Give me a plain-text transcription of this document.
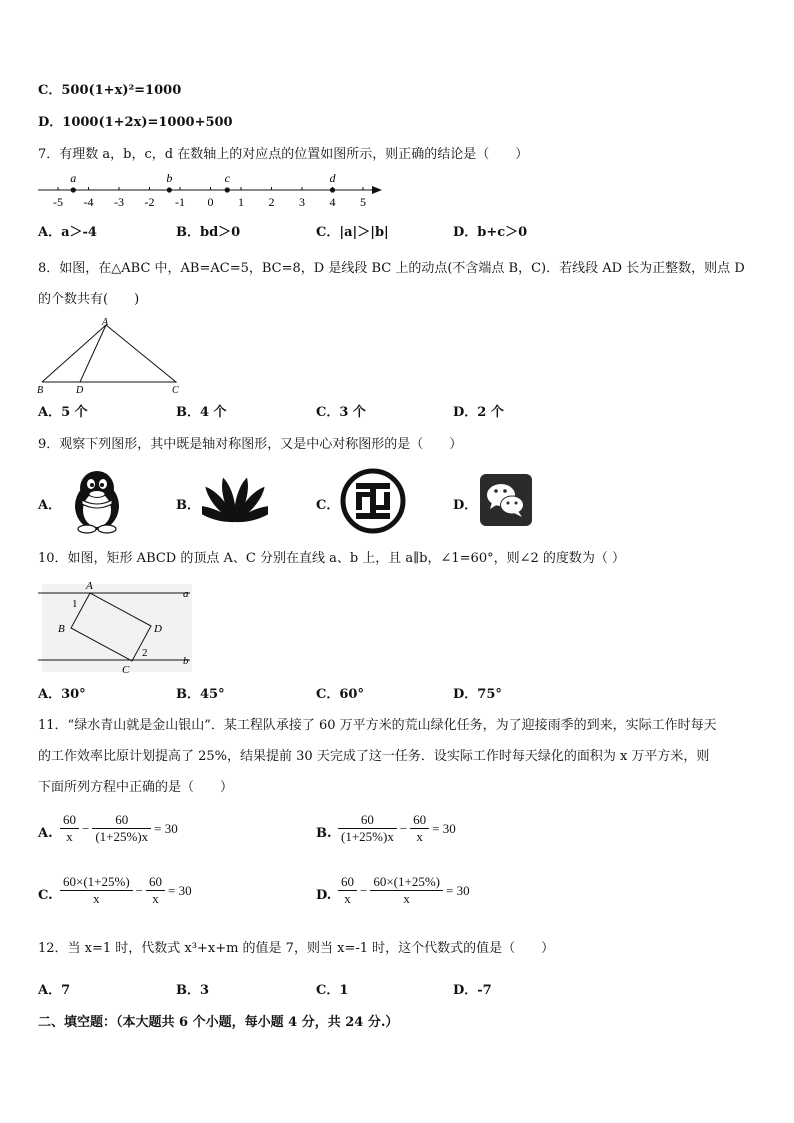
C．500(1+x)²=1000
D．1000(1+2x)=1000+500
7．有理数 a，b，c，d 在数轴上的对应点的位置如图所示，则正确的结论是（　　）
-5 -4 -3 -2 -1 0 1 2 3 4 5
a	b	c	d
A．a＞-4	B．bd＞0	C．|a|＞|b|	D．b+c＞0
8．如图，在△ABC 中，AB=AC=5，BC=8，D 是线段 BC 上的动点(不含端点 B，C)．若线段 AD 长为正整数，则点 D
的个数共有(　　)
A
B	D	C
A．5 个	B．4 个	C．3 个	D．2 个
9．观察下列图形，其中既是轴对称图形，又是中心对称图形的是（　　）
A．	B．	C．	D．
10．如图，矩形 ABCD 的顶点 A、C 分别在直线 a、b 上，且 a∥b，∠1=60°，则∠2 的度数为（ ）
A
B
C
D
a
b
1
2
A．30°	B．45°	C．60°	D．75°
11．“绿水青山就是金山银山”．某工程队承接了 60 万平方米的荒山绿化任务，为了迎接雨季的到来，实际工作时每天
的工作效率比原计划提高了 25%，结果提前 30 天完成了这一任务．设实际工作时每天绿化的面积为 x 万平方米，则
下面所列方程中正确的是（　　）
A. $\frac{60}{x} - \frac{60}{(1+25\%)x} = 30$	B. $\frac{60}{(1+25\%)x} - \frac{60}{x} = 30$
C. $\frac{60\times(1+25\%)}{x} - \frac{60}{x} = 30$	D. $\frac{60}{x} - \frac{60\times(1+25\%)}{x} = 30$
12．当 x=1 时，代数式 x³+x+m 的值是 7，则当 x=-1 时，这个代数式的值是（　　）
A．7	B．3	C．1	D．-7
二、填空题：（本大题共 6 个小题，每小题 4 分，共 24 分.）
